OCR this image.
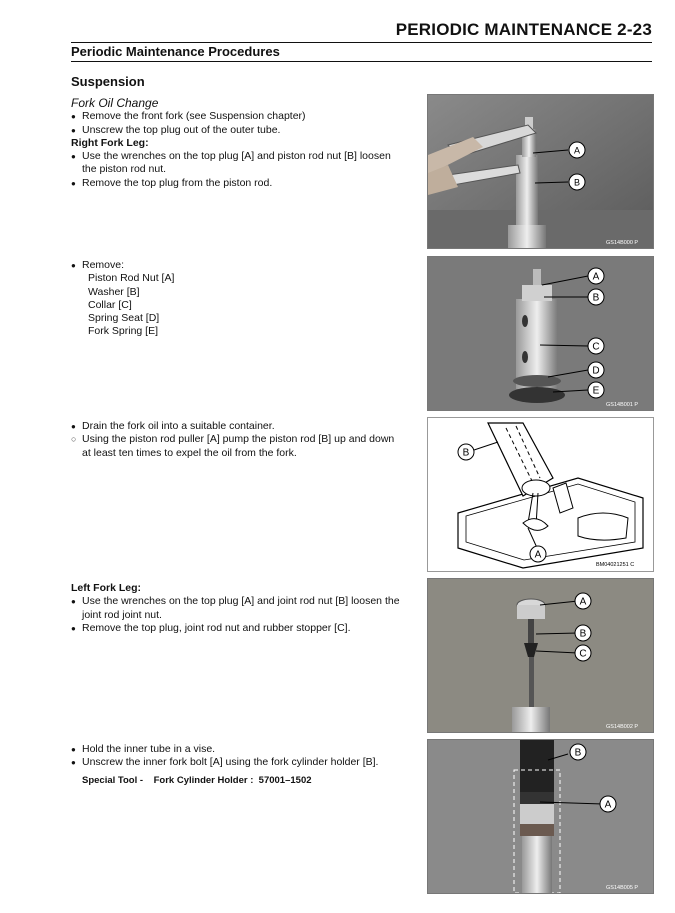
PERIODIC MAINTENANCE 2-23
Periodic Maintenance Procedures
Suspension
Fork Oil Change
● Remove the front fork (see Suspension chapter)
● Unscrew the top plug out of the outer tube.
Right Fork Leg:
● Use the wrenches on the top plug [A] and piston rod nut [B] loosen
the piston rod nut.
● Remove the top plug from the piston rod.
● Remove:
Piston Rod Nut [A]
Washer [B]
Collar [C]
Spring Seat [D]
Fork Spring [E]
● Drain the fork oil into a suitable container.
○ Using the piston rod puller [A] pump the piston rod [B] up and down
at least ten times to expel the oil from the fork.
Left Fork Leg:
● Use the wrenches on the top plug [A] and joint rod nut [B] loosen the
joint rod joint nut.
● Remove the top plug, joint rod nut and rubber stopper [C].
● Hold the inner tube in a vise.
● Unscrew the inner fork bolt [A] using the fork cylinder holder [B].
Special Tool - Fork Cylinder Holder : 57001–1502
A
B
GS14B000 P
A
B
C
D
E
GS14B001 P
B
A
BM04021251 C
A
B
C
GS14B002 P
B
A
GS14B005 P
